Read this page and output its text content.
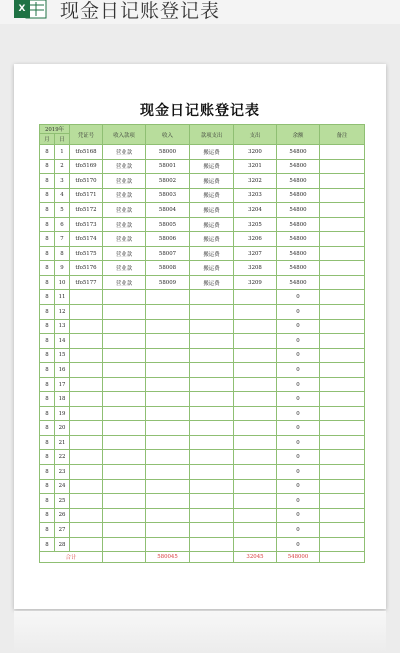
X 现金日记账登记表
现金日记账登记表
2019年		凭证号	收入款项	收入	款项支出	支出	余额	备注
月	日							
8	1	tfo5168	营业款	58000	搬运费	3200	54800	
8	2	tfo5169	营业款	58001	搬运费	3201	54800	
8	3	tfo5170	营业款	58002	搬运费	3202	54800	
8	4	tfo5171	营业款	58003	搬运费	3203	54800	
8	5	tfo5172	营业款	58004	搬运费	3204	54800	
8	6	tfo5173	营业款	58005	搬运费	3205	54800	
8	7	tfo5174	营业款	58006	搬运费	3206	54800	
8	8	tfo5175	营业款	58007	搬运费	3207	54800	
8	9	tfo5176	营业款	58008	搬运费	3208	54800	
8	10	tfo5177	营业款	58009	搬运费	3209	54800	
8	11						0	
8	12						0	
8	13						0	
8	14						0	
8	15						0	
8	16						0	
8	17						0	
8	18						0	
8	19						0	
8	20						0	
8	21						0	
8	22						0	
8	23						0	
8	24						0	
8	25						0	
8	26						0	
8	27						0	
8	28						0	
合计				580045		32045	548000	
